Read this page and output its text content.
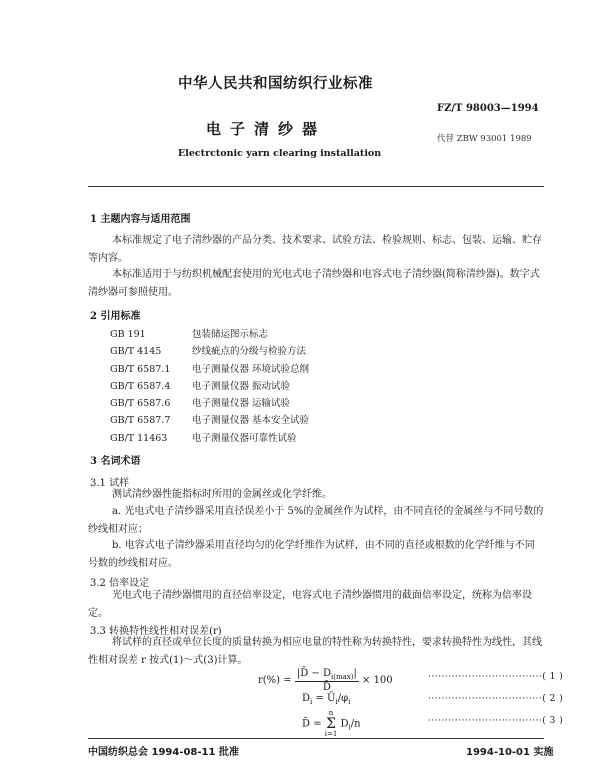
中华人民共和国纺织行业标准
FZ/T 98003—1994
电子清纱器
代替 ZBW 93001 1989
Electrctonic yarn clearing installation
1 主题内容与适用范围
本标准规定了电子清纱器的产品分类、技术要求、试验方法、检验规则、标志、包装、运输、贮存等内容。
本标准适用于与纺织机械配套使用的光电式电子清纱器和电容式电子清纱器(简称清纱器)。数字式清纱器可参照使用。
2 引用标准
GB 191	包装储运图示标志
GB/T 4145	纱线疵点的分级与检验方法
GB/T 6587.1 电子测量仪器 环境试验总纲
GB/T 6587.4 电子测量仪器 振动试验
GB/T 6587.6 电子测量仪器 运输试验
GB/T 6587.7 电子测量仪器 基本安全试验
GB/T 11463	电子测量仪器可靠性试验
3 名词术语
3.1 试样
测试清纱器性能指标时所用的金属丝或化学纤维。
a. 光电式电子清纱器采用直径误差小于 5%的金属丝作为试样，由不同直径的金属丝与不同号数的纱线相对应；
b. 电容式电子清纱器采用直径均匀的化学纤维作为试样，由不同的直径或根数的化学纤维与不同号数的纱线相对应。
3.2 倍率设定
光电式电子清纱器惯用的直径倍率设定，电容式电子清纱器惯用的截面倍率设定，统称为倍率设定。
3.3 转换特性线性相对误差(r)
将试样的直径或单位长度的质量转换为相应电量的特性称为转换特性，要求转换特性为线性，其线性相对误差 r 按式(1)～式(3)计算。
$r(\%) = \frac{|D̄ - D_{i(max)}|}{D̄} \times 100$	··································( 1 )
$D_i$ = $Ū_i/\varphi_i$	··································( 2 )
D̄ =
n
Σ
i=1
$D_i/n$	··································( 3 )
中国纺织总会 1994-08-11 批准	1994-10-01 实施
